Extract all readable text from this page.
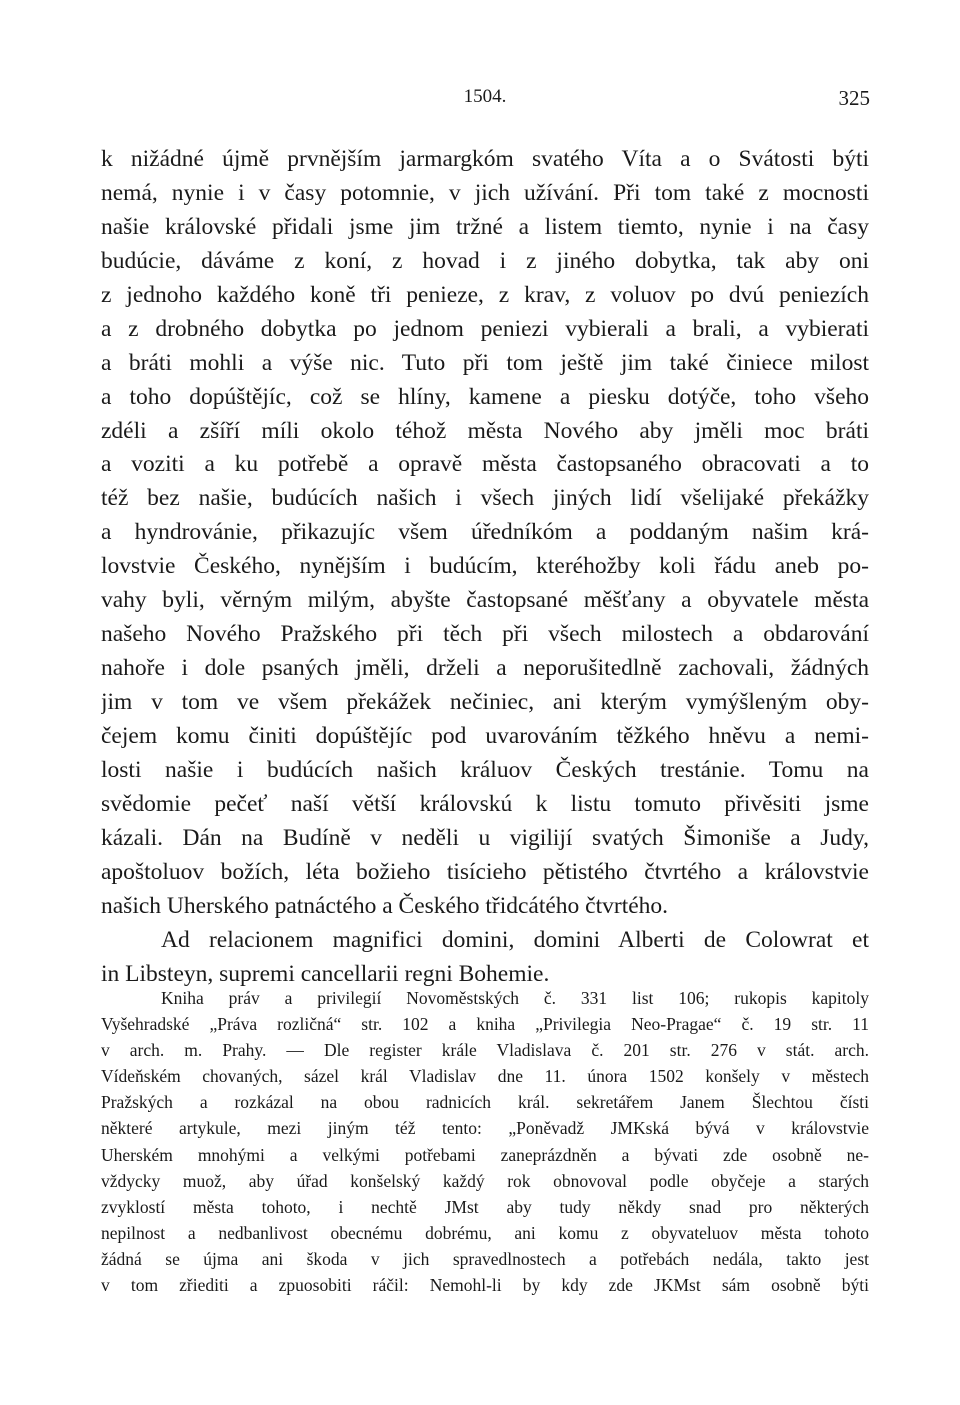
1504.	325
k nižádné újmě prvnějším jarmargkóm svatého Víta a o Svátosti býti
nemá, nynie i v časy potomnie, v jich užívání. Při tom také z mocnosti
našie královské přidali jsme jim tržné a listem tiemto, nynie i na časy
budúcie, dáváme z koní, z hovad i z jiného dobytka, tak aby oni
z jednoho každého koně tři penieze, z krav, z voluov po dvú peniezích
a z drobného dobytka po jednom peniezi vybierali a brali, a vybierati
a bráti mohli a výše nic. Tuto při tom ještě jim také činiece milost
a toho dopúštějíc, což se hlíny, kamene a piesku dotýče, toho všeho
zdéli a zšíří míli okolo téhož města Nového aby jměli moc bráti
a voziti a ku potřebě a opravě města častopsaného obracovati a to
též bez našie, budúcích našich i všech jiných lidí všelijaké překážky
a hyndrovánie, přikazujíc všem úředníkóm a poddaným našim krá-
lovstvie Českého, nynějším i budúcím, kteréhožby koli řádu aneb po-
vahy byli, věrným milým, abyšte častopsané měšťany a obyvatele města
našeho Nového Pražského při těch při všech milostech a obdarování
nahoře i dole psaných jměli, drželi a neporušitedlně zachovali, žádných
jim v tom ve všem překážek nečiniec, ani kterým vymýšleným oby-
čejem komu činiti dopúštějíc pod uvarováním těžkého hněvu a nemi-
losti našie i budúcích našich králuov Českých trestánie. Tomu na
svědomie pečeť naší větší královskú k listu tomuto přivěsiti jsme
kázali. Dán na Budíně v neděli u vigilijí svatých Šimoniše a Judy,
apoštoluov božích, léta božieho tisícieho pětistého čtvrtého a královstvie
našich Uherského patnáctého a Českého třidcátého čtvrtého.
Ad relacionem magnifici domini, domini Alberti de Colowrat et
in Libsteyn, supremi cancellarii regni Bohemie.
Kniha práv a privilegií Novoměstských č. 331 list 106; rukopis kapitoly
Vyšehradské „Práva rozličná“ str. 102 a kniha „Privilegia Neo-Pragae“ č. 19 str. 11
v arch. m. Prahy. — Dle register krále Vladislava č. 201 str. 276 v stát. arch.
Vídeňském chovaných, sázel král Vladislav dne 11. února 1502 konšely v městech
Pražských a rozkázal na obou radnicích král. sekretářem Janem Šlechtou čísti
některé artykule, mezi jiným též tento: „Poněvadž JMKská bývá v královstvie
Uherském mnohými a velkými potřebami zaneprázdněn a bývati zde osobně ne-
vždycky muož, aby úřad konšelský každý rok obnovoval podle obyčeje a starých
zvyklostí města tohoto, i nechtě JMst aby tudy někdy snad pro některých
nepilnost a nedbanlivost obecnému dobrému, ani komu z obyvateluov města tohoto
žádná se újma ani škoda v jich spravedlnostech a potřebách nedála, takto jest
v tom zřiediti a zpuosobiti ráčil: Nemohl-li by kdy zde JKMst sám osobně býti
